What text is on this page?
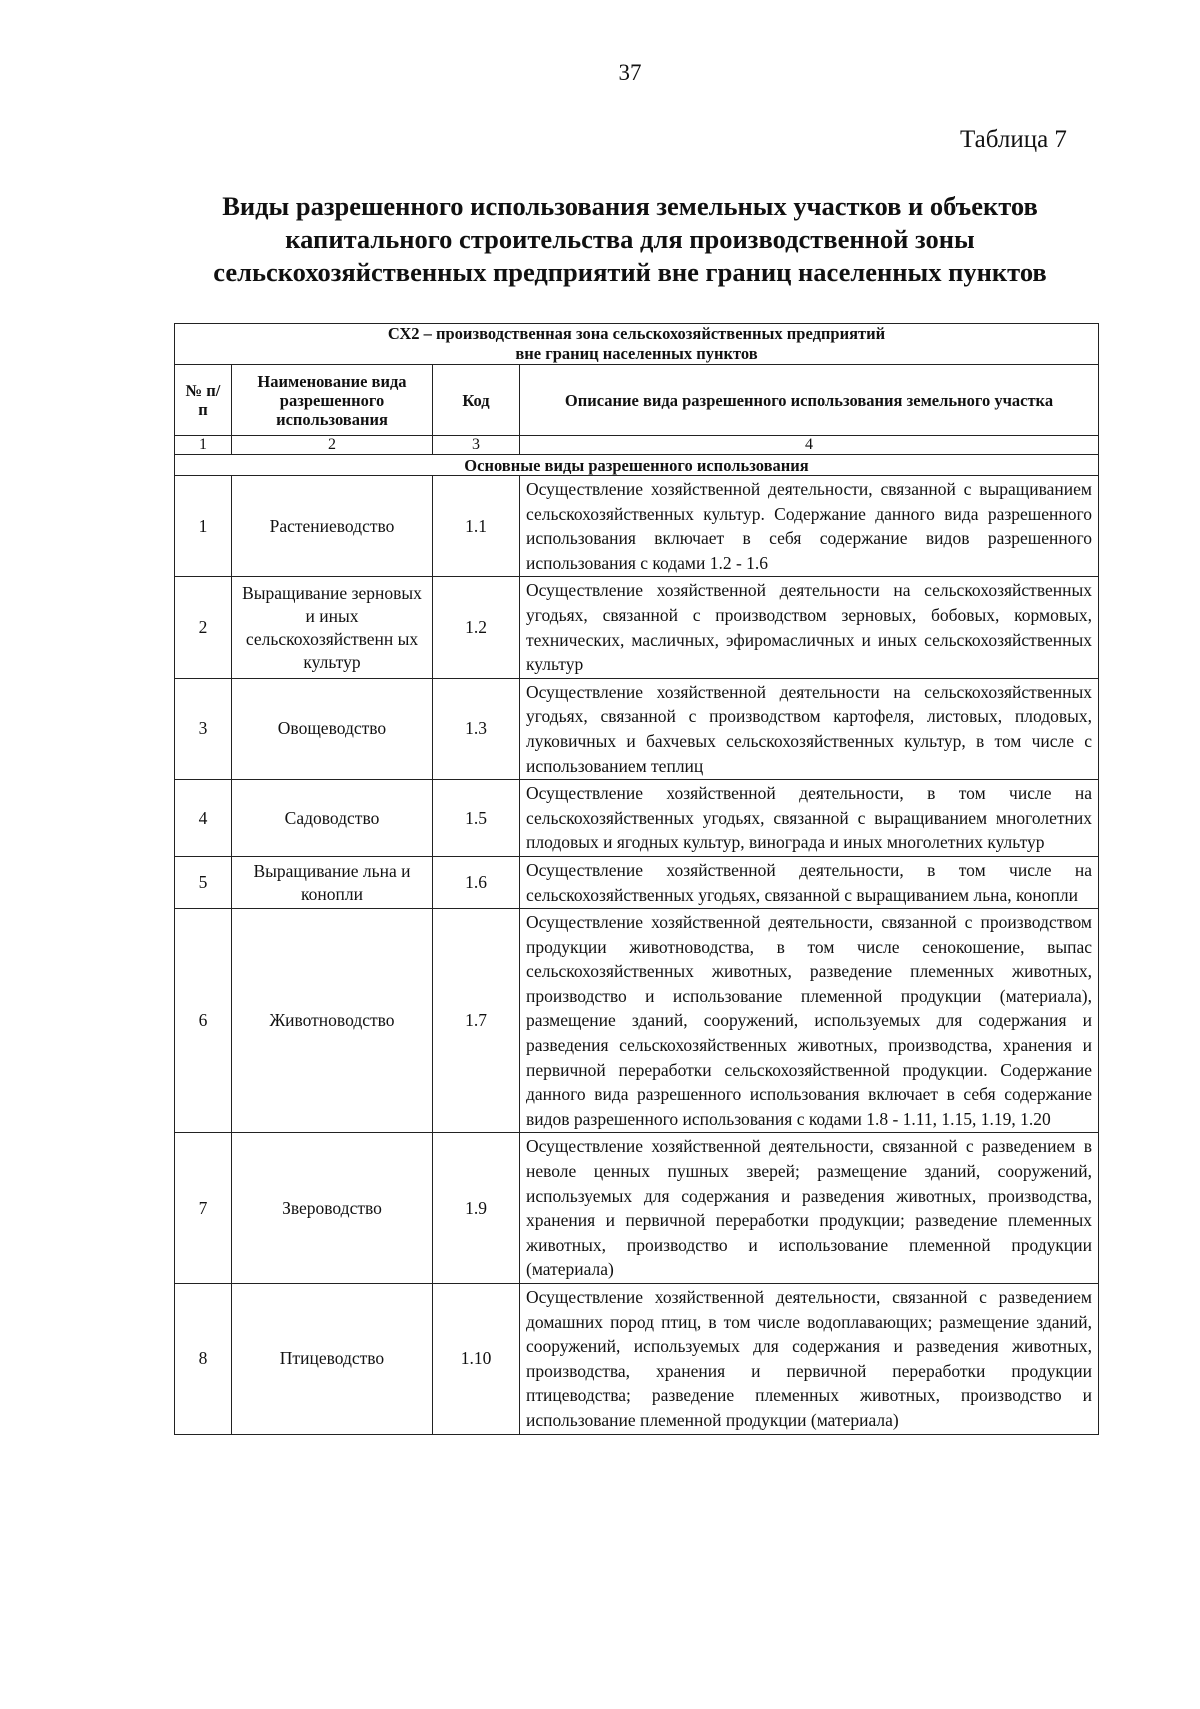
37
Таблица 7
Виды разрешенного использования земельных участков и объектов
капитального строительства для производственной зоны
сельскохозяйственных предприятий вне границ населенных пунктов
СХ2 – производственная зона сельскохозяйственных предприятий
вне границ населенных пунктов			

№ п/п	Наименование вида разрешенного использования	Код	Описание вида разрешенного использования земельного участка
1	2	3	4
Основные виды разрешенного использования			
1	Растениеводство	1.1	Осуществление хозяйственной деятельности, связанной с выращиванием сельскохозяйственных культур. Содержание данного вида разрешенного использования включает в себя содержание видов разрешенного использования с кодами 1.2 - 1.6
2	Выращивание зерновых и иных сельскохозяйственн ых культур	1.2	Осуществление хозяйственной деятельности на сельскохозяйственных угодьях, связанной с производством зерновых, бобовых, кормовых, технических, масличных, эфиромасличных и иных сельскохозяйственных культур
3	Овощеводство	1.3	Осуществление хозяйственной деятельности на сельскохозяйственных угодьях, связанной с производством картофеля, листовых, плодовых, луковичных и бахчевых сельскохозяйственных культур, в том числе с использованием теплиц
4	Садоводство	1.5	Осуществление хозяйственной деятельности, в том числе на сельскохозяйственных угодьях, связанной с выращиванием многолетних плодовых и ягодных культур, винограда и иных многолетних культур
5	Выращивание льна и конопли	1.6	Осуществление хозяйственной деятельности, в том числе на сельскохозяйственных угодьях, связанной с выращиванием льна, конопли
6	Животноводство	1.7	Осуществление хозяйственной деятельности, связанной с производством продукции животноводства, в том числе сенокошение, выпас сельскохозяйственных животных, разведение племенных животных, производство и использование племенной продукции (материала), размещение зданий, сооружений, используемых для содержания и разведения сельскохозяйственных животных, производства, хранения и первичной переработки сельскохозяйственной продукции. Содержание данного вида разрешенного использования включает в себя содержание видов разрешенного использования с кодами 1.8 - 1.11, 1.15, 1.19, 1.20
7	Звероводство	1.9	Осуществление хозяйственной деятельности, связанной с разведением в неволе ценных пушных зверей; размещение зданий, сооружений, используемых для содержания и разведения животных, производства, хранения и первичной переработки продукции; разведение племенных животных, производство и использование племенной продукции (материала)
8	Птицеводство	1.10	Осуществление хозяйственной деятельности, связанной с разведением домашних пород птиц, в том числе водоплавающих; размещение зданий, сооружений, используемых для содержания и разведения животных, производства, хранения и первичной переработки продукции птицеводства; разведение племенных животных, производство и использование племенной продукции (материала)
